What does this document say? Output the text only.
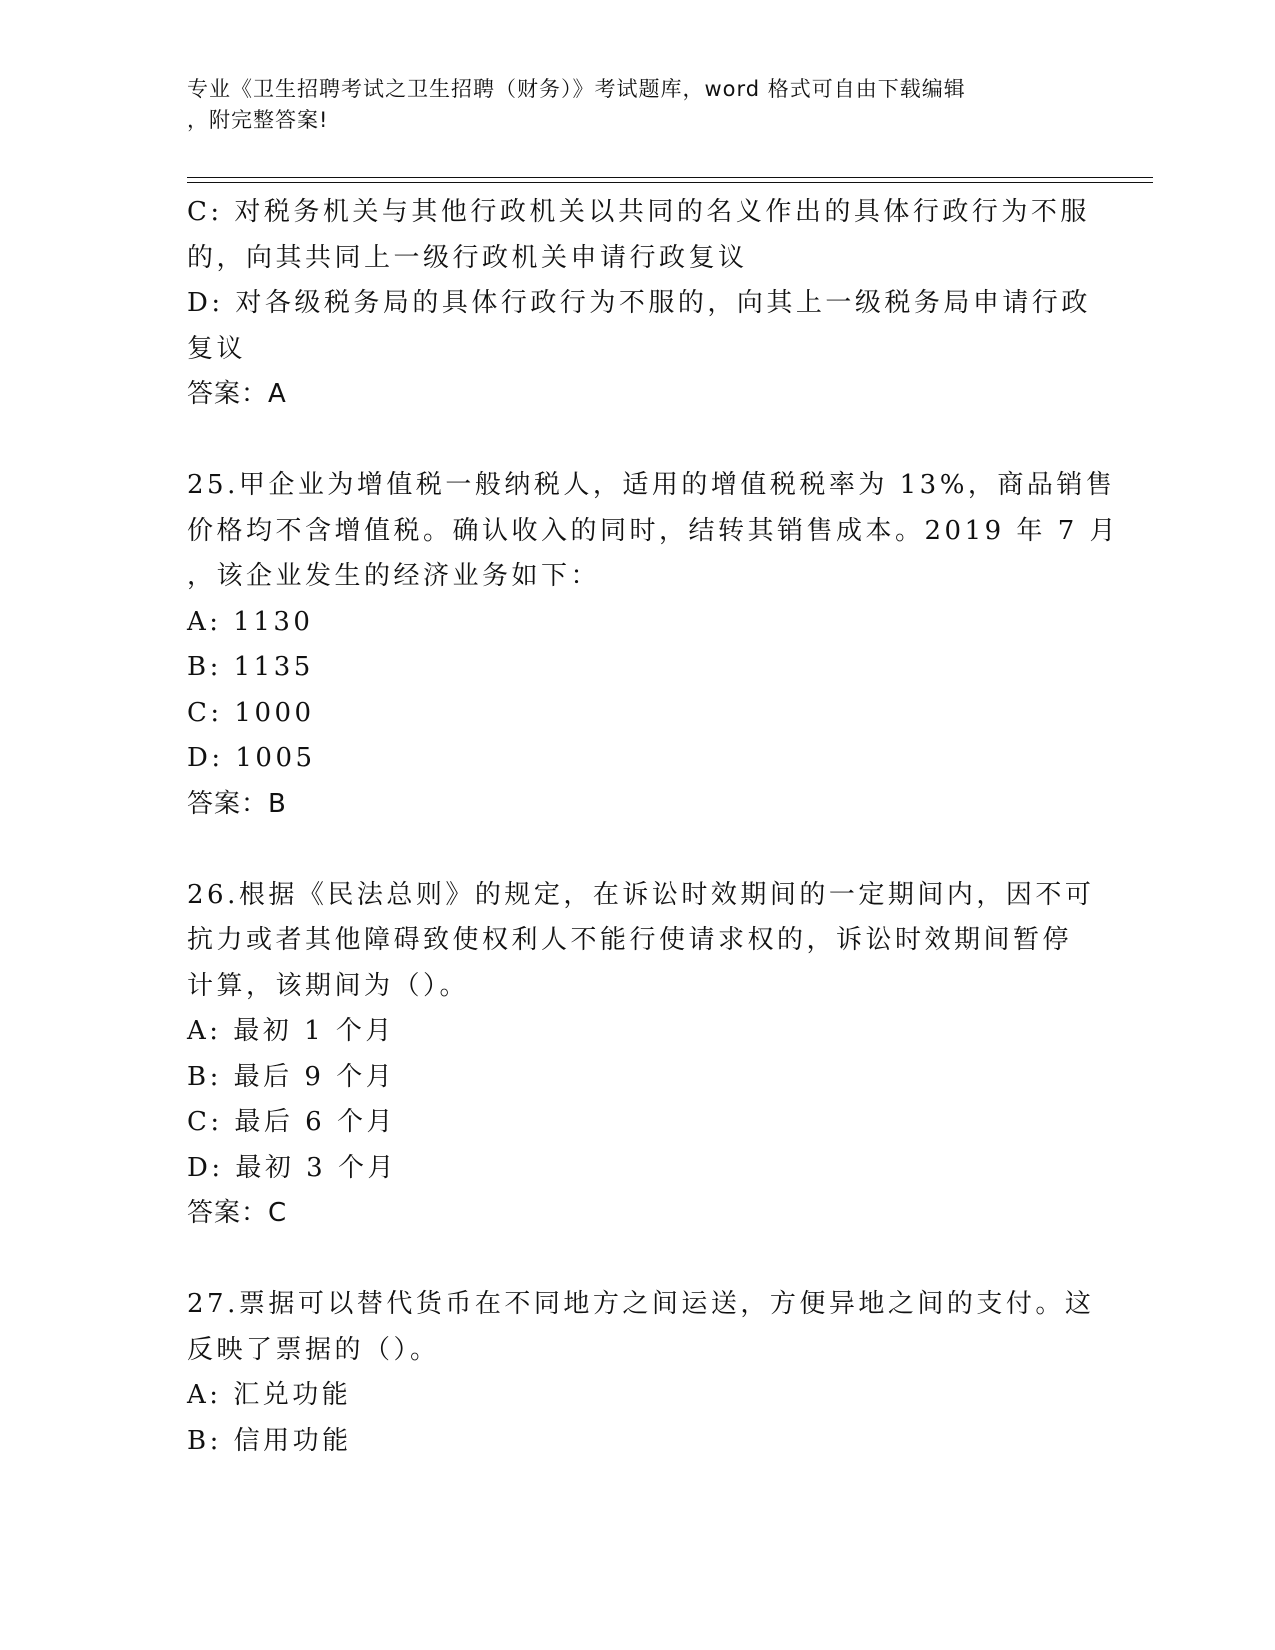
专业《卫生招聘考试之卫生招聘（财务）》考试题库，word 格式可自由下载编辑
，附完整答案!
C: 对税务机关与其他行政机关以共同的名义作出的具体行政行为不服
的，向其共同上一级行政机关申请行政复议
D: 对各级税务局的具体行政行为不服的，向其上一级税务局申请行政
复议
答案：A
25.甲企业为增值税一般纳税人，适用的增值税税率为 13%，商品销售
价格均不含增值税。确认收入的同时，结转其销售成本。2019 年 7 月
，该企业发生的经济业务如下：
A: 1130
B: 1135
C: 1000
D: 1005
答案：B
26.根据《民法总则》的规定，在诉讼时效期间的一定期间内，因不可
抗力或者其他障碍致使权利人不能行使请求权的，诉讼时效期间暂停
计算，该期间为（）。
A: 最初 1 个月
B: 最后 9 个月
C: 最后 6 个月
D: 最初 3 个月
答案：C
27.票据可以替代货币在不同地方之间运送，方便异地之间的支付。这
反映了票据的（）。
A: 汇兑功能
B: 信用功能
